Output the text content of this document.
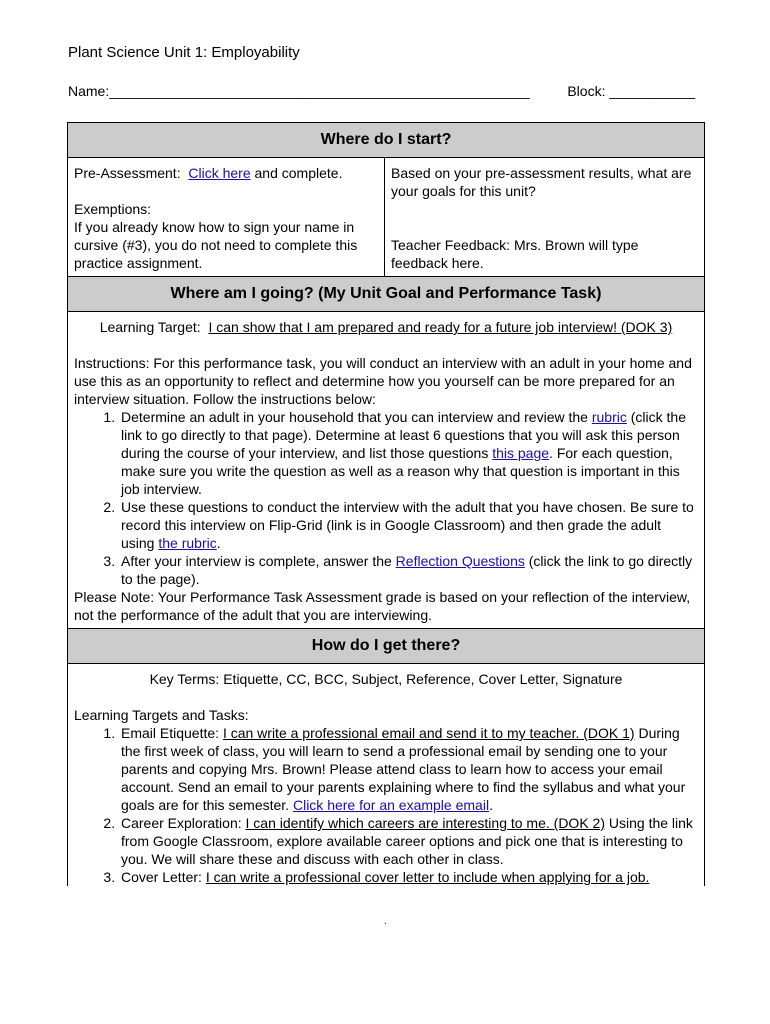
Plant Science Unit 1: Employability
Name:______________________________________________________	Block: ___________
Where do I start?
Pre-Assessment: Click here and complete.
Exemptions:
If you already know how to sign your name in cursive (#3), you do not need to complete this practice assignment.
Based on your pre-assessment results, what are your goals for this unit?
Teacher Feedback: Mrs. Brown will type feedback here.
Where am I going? (My Unit Goal and Performance Task)
Learning Target: I can show that I am prepared and ready for a future job interview! (DOK 3)
Instructions: For this performance task, you will conduct an interview with an adult in your home and use this as an opportunity to reflect and determine how you yourself can be more prepared for an interview situation. Follow the instructions below:
1. Determine an adult in your household that you can interview and review the rubric (click the link to go directly to that page). Determine at least 6 questions that you will ask this person during the course of your interview, and list those questions this page. For each question, make sure you write the question as well as a reason why that question is important in this job interview.
2. Use these questions to conduct the interview with the adult that you have chosen. Be sure to record this interview on Flip-Grid (link is in Google Classroom) and then grade the adult using the rubric.
3. After your interview is complete, answer the Reflection Questions (click the link to go directly to the page).
Please Note: Your Performance Task Assessment grade is based on your reflection of the interview, not the performance of the adult that you are interviewing.
How do I get there?
Key Terms: Etiquette, CC, BCC, Subject, Reference, Cover Letter, Signature
Learning Targets and Tasks:
1. Email Etiquette: I can write a professional email and send it to my teacher. (DOK 1) During the first week of class, you will learn to send a professional email by sending one to your parents and copying Mrs. Brown! Please attend class to learn how to access your email account. Send an email to your parents explaining where to find the syllabus and what your goals are for this semester. Click here for an example email.
2. Career Exploration: I can identify which careers are interesting to me. (DOK 2) Using the link from Google Classroom, explore available career options and pick one that is interesting to you. We will share these and discuss with each other in class.
3. Cover Letter: I can write a professional cover letter to include when applying for a job.
.
